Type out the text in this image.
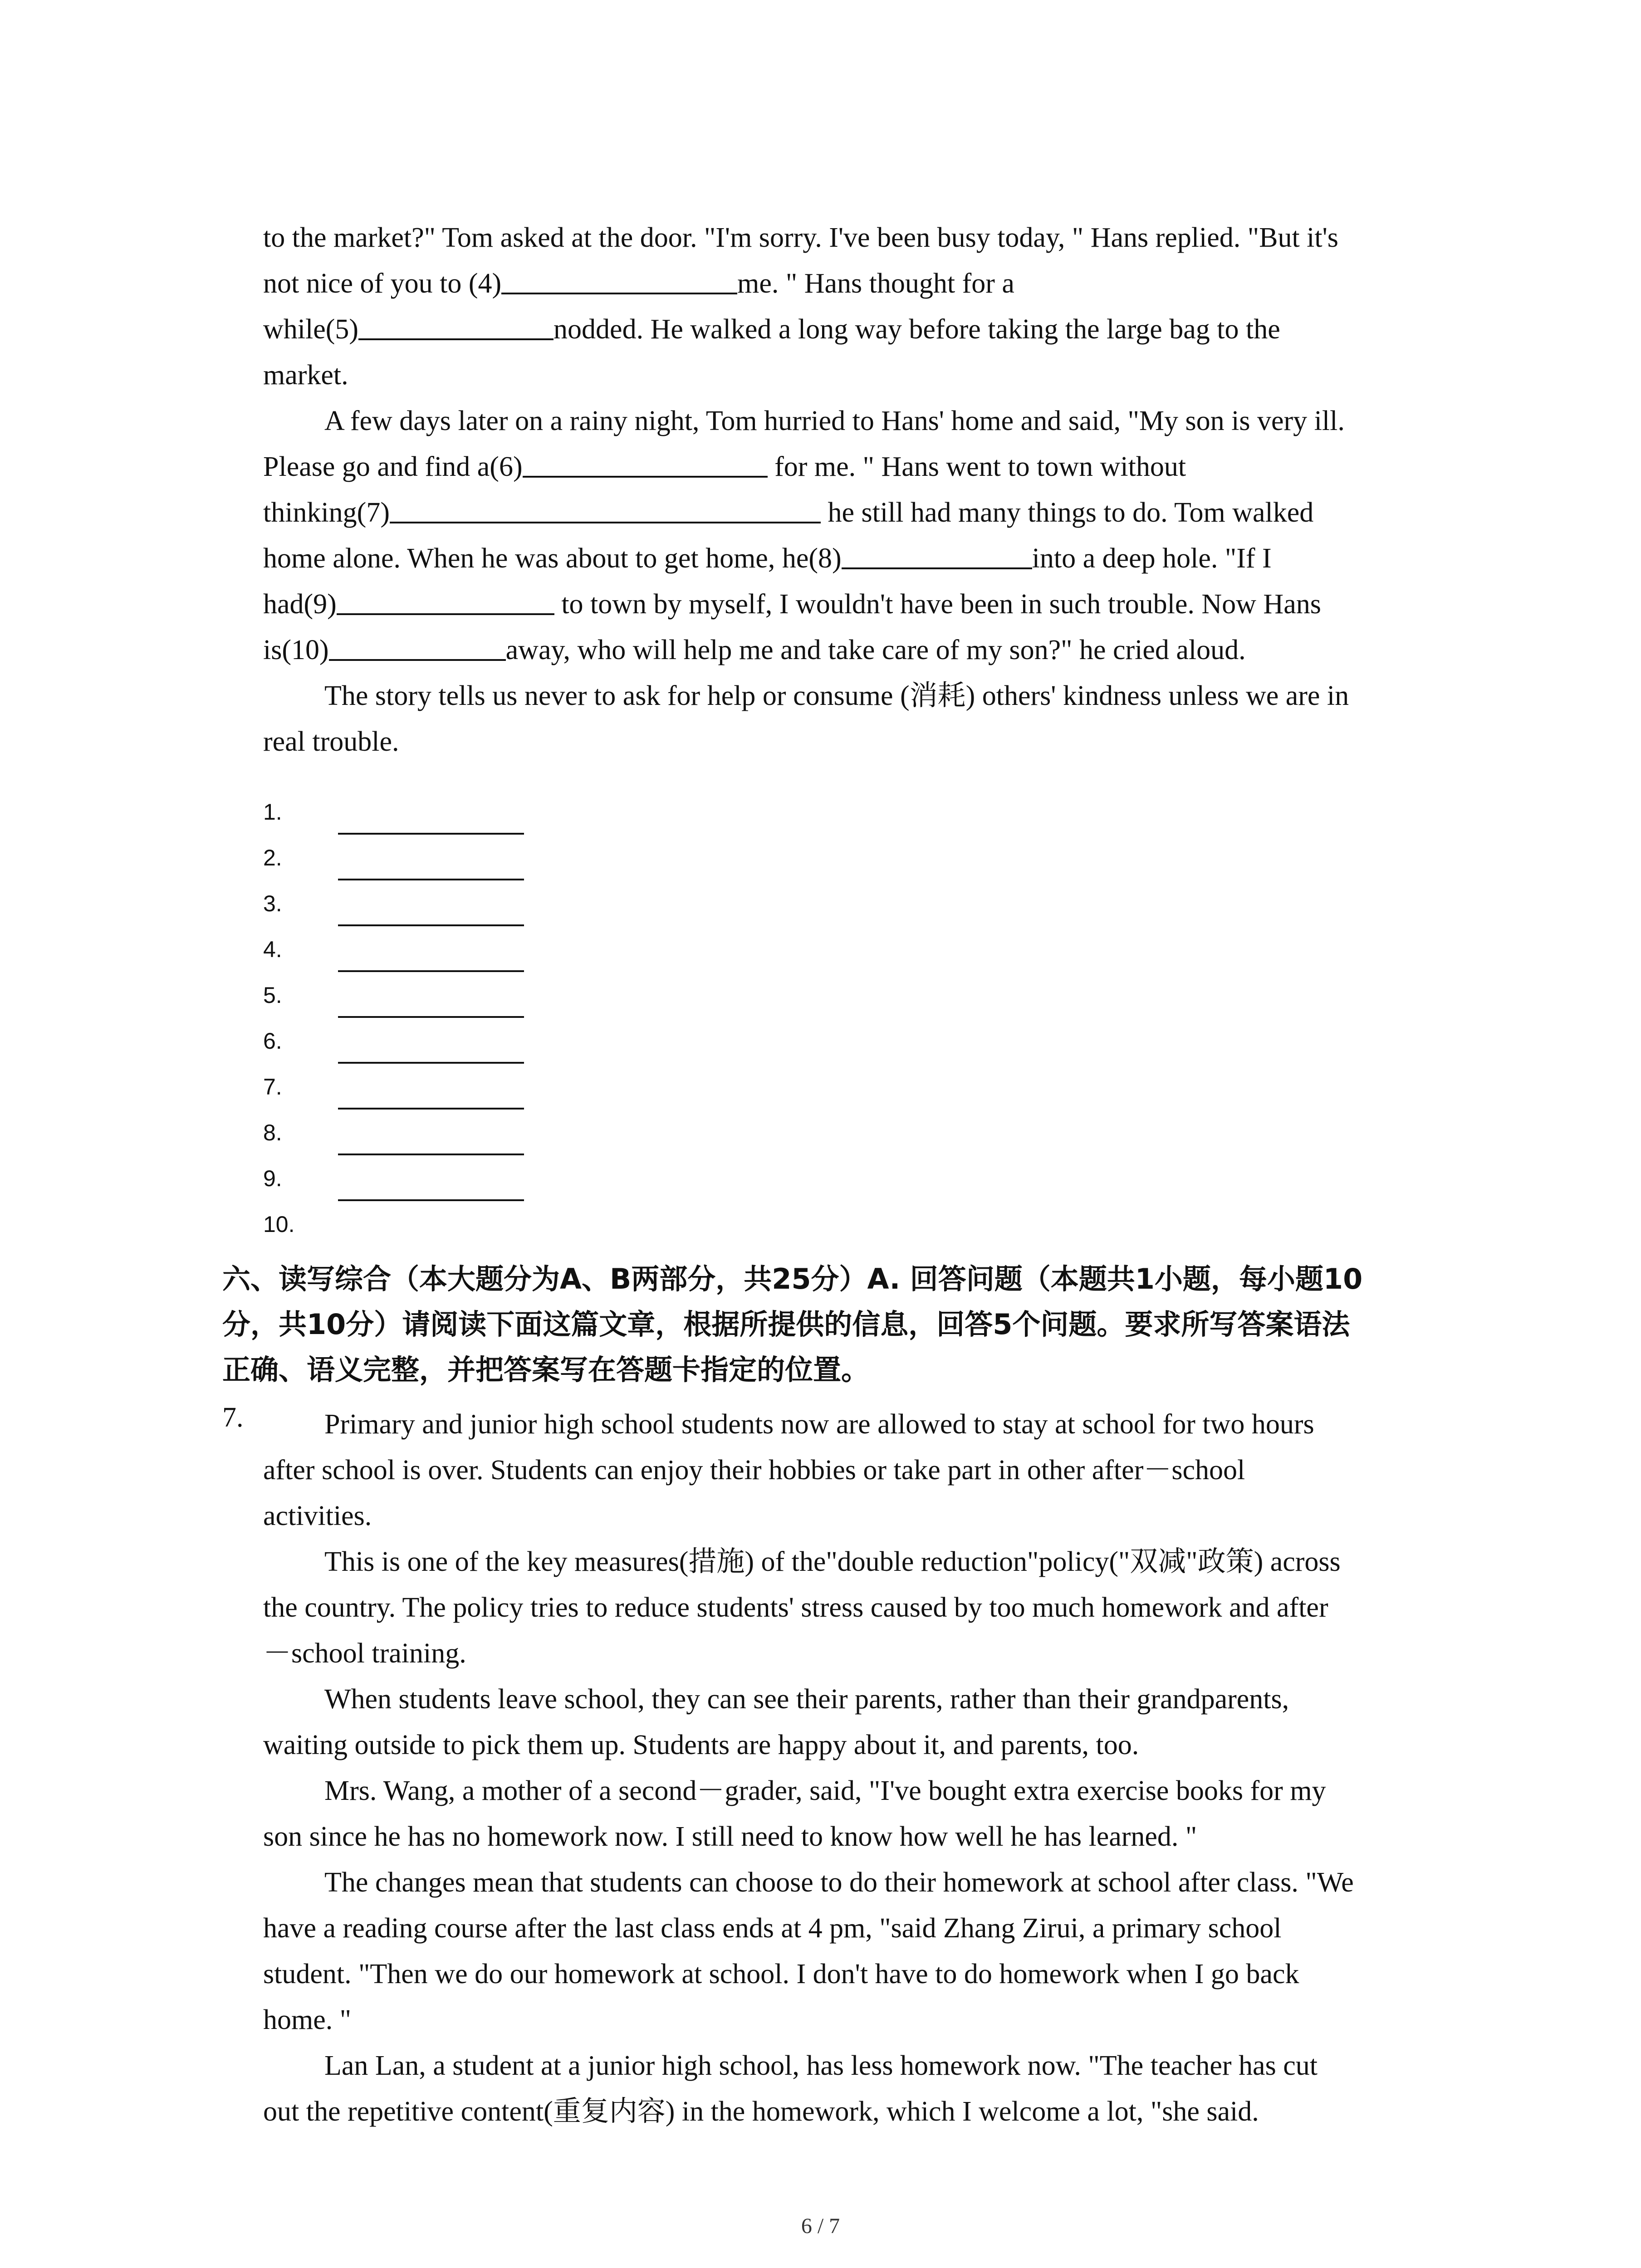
to the market?" Tom asked at the door. "I'm sorry. I've been busy today, " Hans replied. "But it's
not nice of you to (4)	me. " Hans thought for a
while(5)	nodded. He walked a long way before taking the large bag to the
market.
A few days later on a rainy night, Tom hurried to Hans' home and said, "My son is very ill.
Please go and find a(6)	for me. " Hans went to town without
thinking(7)	he still had many things to do. Tom walked
home alone. When he was about to get home, he(8)	into a deep hole. "If I
had(9)	to town by myself, I wouldn't have been in such trouble. Now Hans
is(10)	away, who will help me and take care of my son?" he cried aloud.
The story tells us never to ask for help or consume (消耗) others' kindness unless we are in
real trouble.
1.
2.
3.
4.
5.
6.
7.
8.
9.
10.
六、读写综合（本大题分为A、B两部分，共25分）A. 回答问题（本题共1小题，每小题10
分，共10分）请阅读下面这篇文章，根据所提供的信息，回答5个问题。要求所写答案语法
正确、语义完整，并把答案写在答题卡指定的位置。
7.	Primary and junior high school students now are allowed to stay at school for two hours
after school is over. Students can enjoy their hobbies or take part in other after－school
activities.
This is one of the key measures(措施) of the"double reduction"policy("双减"政策) across
the country. The policy tries to reduce students' stress caused by too much homework and after
－school training.
When students leave school, they can see their parents, rather than their grandparents,
waiting outside to pick them up. Students are happy about it, and parents, too.
Mrs. Wang, a mother of a second－grader, said, "I've bought extra exercise books for my
son since he has no homework now. I still need to know how well he has learned. "
The changes mean that students can choose to do their homework at school after class. "We
have a reading course after the last class ends at 4 pm, "said Zhang Zirui, a primary school
student. "Then we do our homework at school. I don't have to do homework when I go back
home. "
Lan Lan, a student at a junior high school, has less homework now. "The teacher has cut
out the repetitive content(重复内容) in the homework, which I welcome a lot, "she said.
6 / 7
